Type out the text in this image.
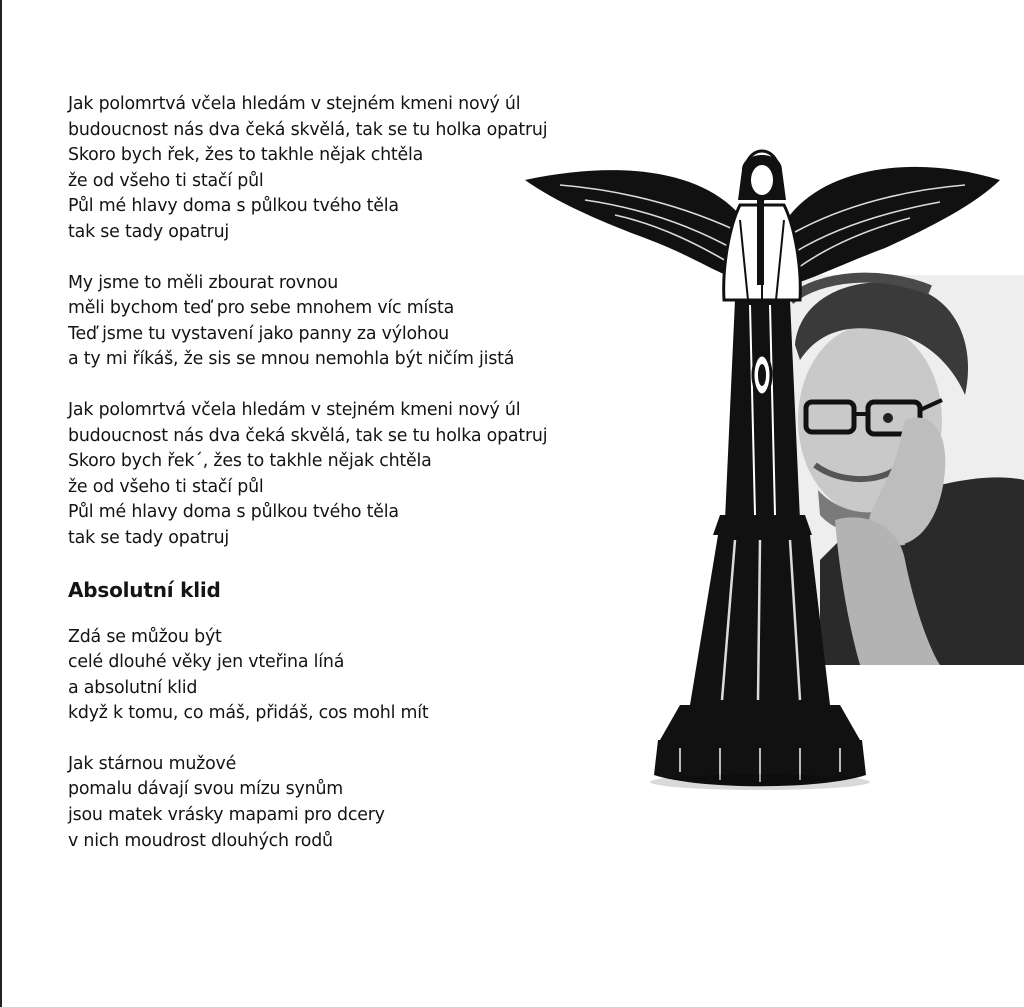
Jak polomrtvá včela hledám v stejném kmeni nový úl
budoucnost nás dva čeká skvělá, tak se tu holka opatruj
Skoro bych řek‚ žes to takhle nějak chtěla
že od všeho ti stačí půl
Půl mé hlavy doma s půlkou tvého těla
tak se tady opatruj
My jsme to měli zbourat rovnou
měli bychom teď pro sebe mnohem víc místa
Teď jsme tu vystavení jako panny za výlohou
a ty mi říkáš, že sis se mnou nemohla být ničím jistá
Jak polomrtvá včela hledám v stejném kmeni nový úl
budoucnost nás dva čeká skvělá, tak se tu holka opatruj
Skoro bych řek´, žes to takhle nějak chtěla
že od všeho ti stačí půl
Půl mé hlavy doma s půlkou tvého těla
tak se tady opatruj
Absolutní klid
Zdá se můžou být
celé dlouhé věky jen vteřina líná
a absolutní klid
když k tomu, co máš, přidáš, cos mohl mít
Jak stárnou mužové
pomalu dávají svou mízu synům
jsou matek vrásky mapami pro dcery
v nich moudrost dlouhých rodů
